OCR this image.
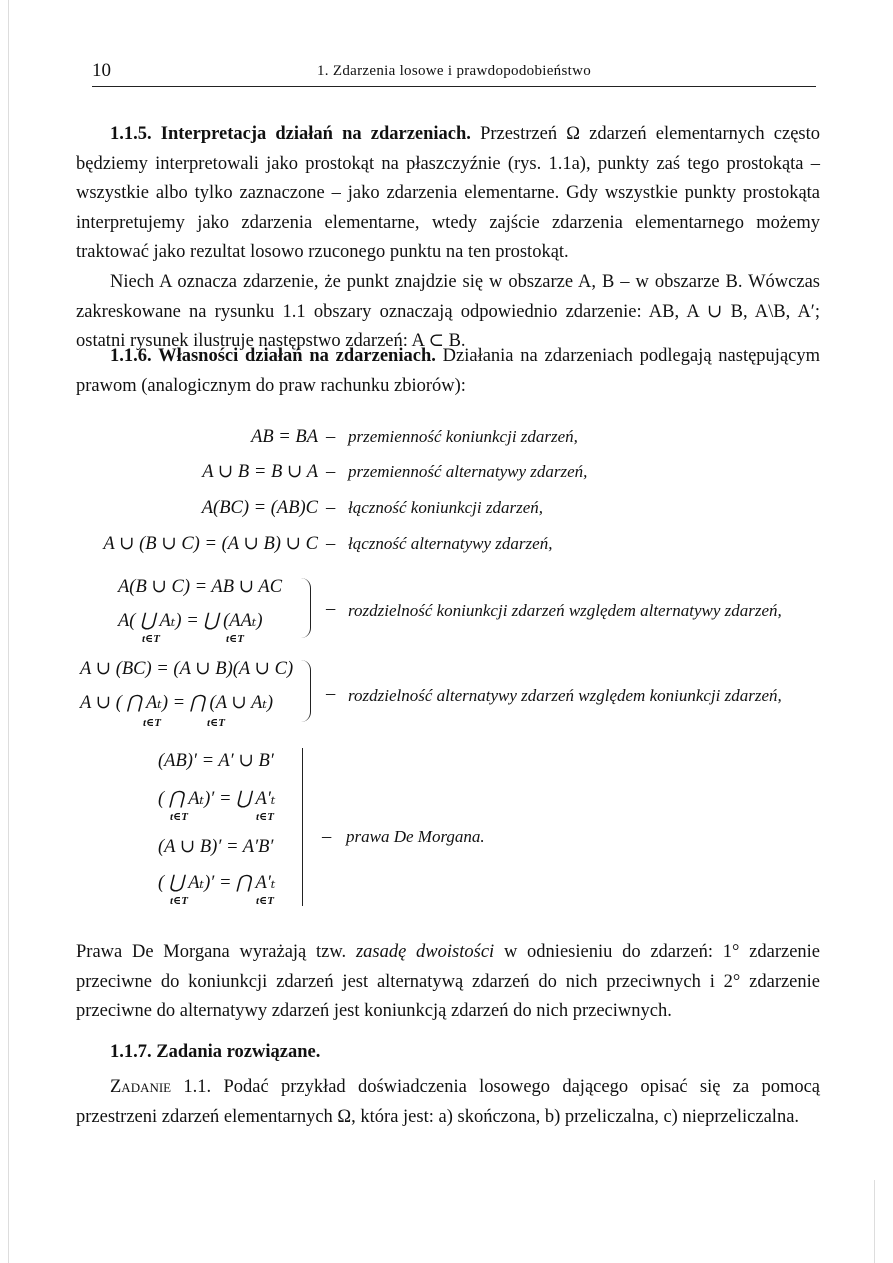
10	1. Zdarzenia losowe i prawdopodobieństwo
1.1.5. Interpretacja działań na zdarzeniach. Przestrzeń Ω zdarzeń elementarnych często będziemy interpretowali jako prostokąt na płaszczyźnie (rys. 1.1a), punkty zaś tego prostokąta – wszystkie albo tylko zaznaczone – jako zdarzenia elementarne. Gdy wszystkie punkty prostokąta interpretujemy jako zdarzenia elementarne, wtedy zajście zdarzenia elementarnego możemy traktować jako rezultat losowo rzuconego punktu na ten prostokąt.
Niech A oznacza zdarzenie, że punkt znajdzie się w obszarze A, B – w obszarze B. Wówczas zakreskowane na rysunku 1.1 obszary oznaczają odpowiednio zdarzenie: AB, A ∪ B, A\B, A′; ostatni rysunek ilustruje następstwo zdarzeń: A ⊂ B.
1.1.6. Własności działań na zdarzeniach. Działania na zdarzeniach podlegają następującym prawom (analogicznym do praw rachunku zbiorów):
AB = BA – przemienność koniunkcji zdarzeń,
A ∪ B = B ∪ A – przemienność alternatywy zdarzeń,
A(BC) = (AB)C – łączność koniunkcji zdarzeń,
A ∪ (B ∪ C) = (A ∪ B) ∪ C – łączność alternatywy zdarzeń,
A(B ∪ C) = AB ∪ AC
A( ⋃ Aₜ) = ⋃ (AAₜ)
t∈T	t∈T
– rozdzielność koniunkcji zdarzeń względem alternatywy zdarzeń,
A ∪ (BC) = (A ∪ B)(A ∪ C)
A ∪ ( ⋂ Aₜ) = ⋂ (A ∪ Aₜ)
t∈T	t∈T
– rozdzielność alternatywy zdarzeń względem koniunkcji zdarzeń,
(AB)′ = A′ ∪ B′
( ⋂ Aₜ)′ = ⋃ A′ₜ
t∈T	t∈T
(A ∪ B)′ = A′B′
( ⋃ Aₜ)′ = ⋂ A′ₜ
t∈T	t∈T
– prawa De Morgana.
Prawa De Morgana wyrażają tzw. zasadę dwoistości w odniesieniu do zdarzeń: 1° zdarzenie przeciwne do koniunkcji zdarzeń jest alternatywą zdarzeń do nich przeciwnych i 2° zdarzenie przeciwne do alternatywy zdarzeń jest koniunkcją zdarzeń do nich przeciwnych.
1.1.7. Zadania rozwiązane.
Zadanie 1.1. Podać przykład doświadczenia losowego dającego opisać się za pomocą przestrzeni zdarzeń elementarnych Ω, która jest: a) skończona, b) przeliczalna, c) nieprzeliczalna.
